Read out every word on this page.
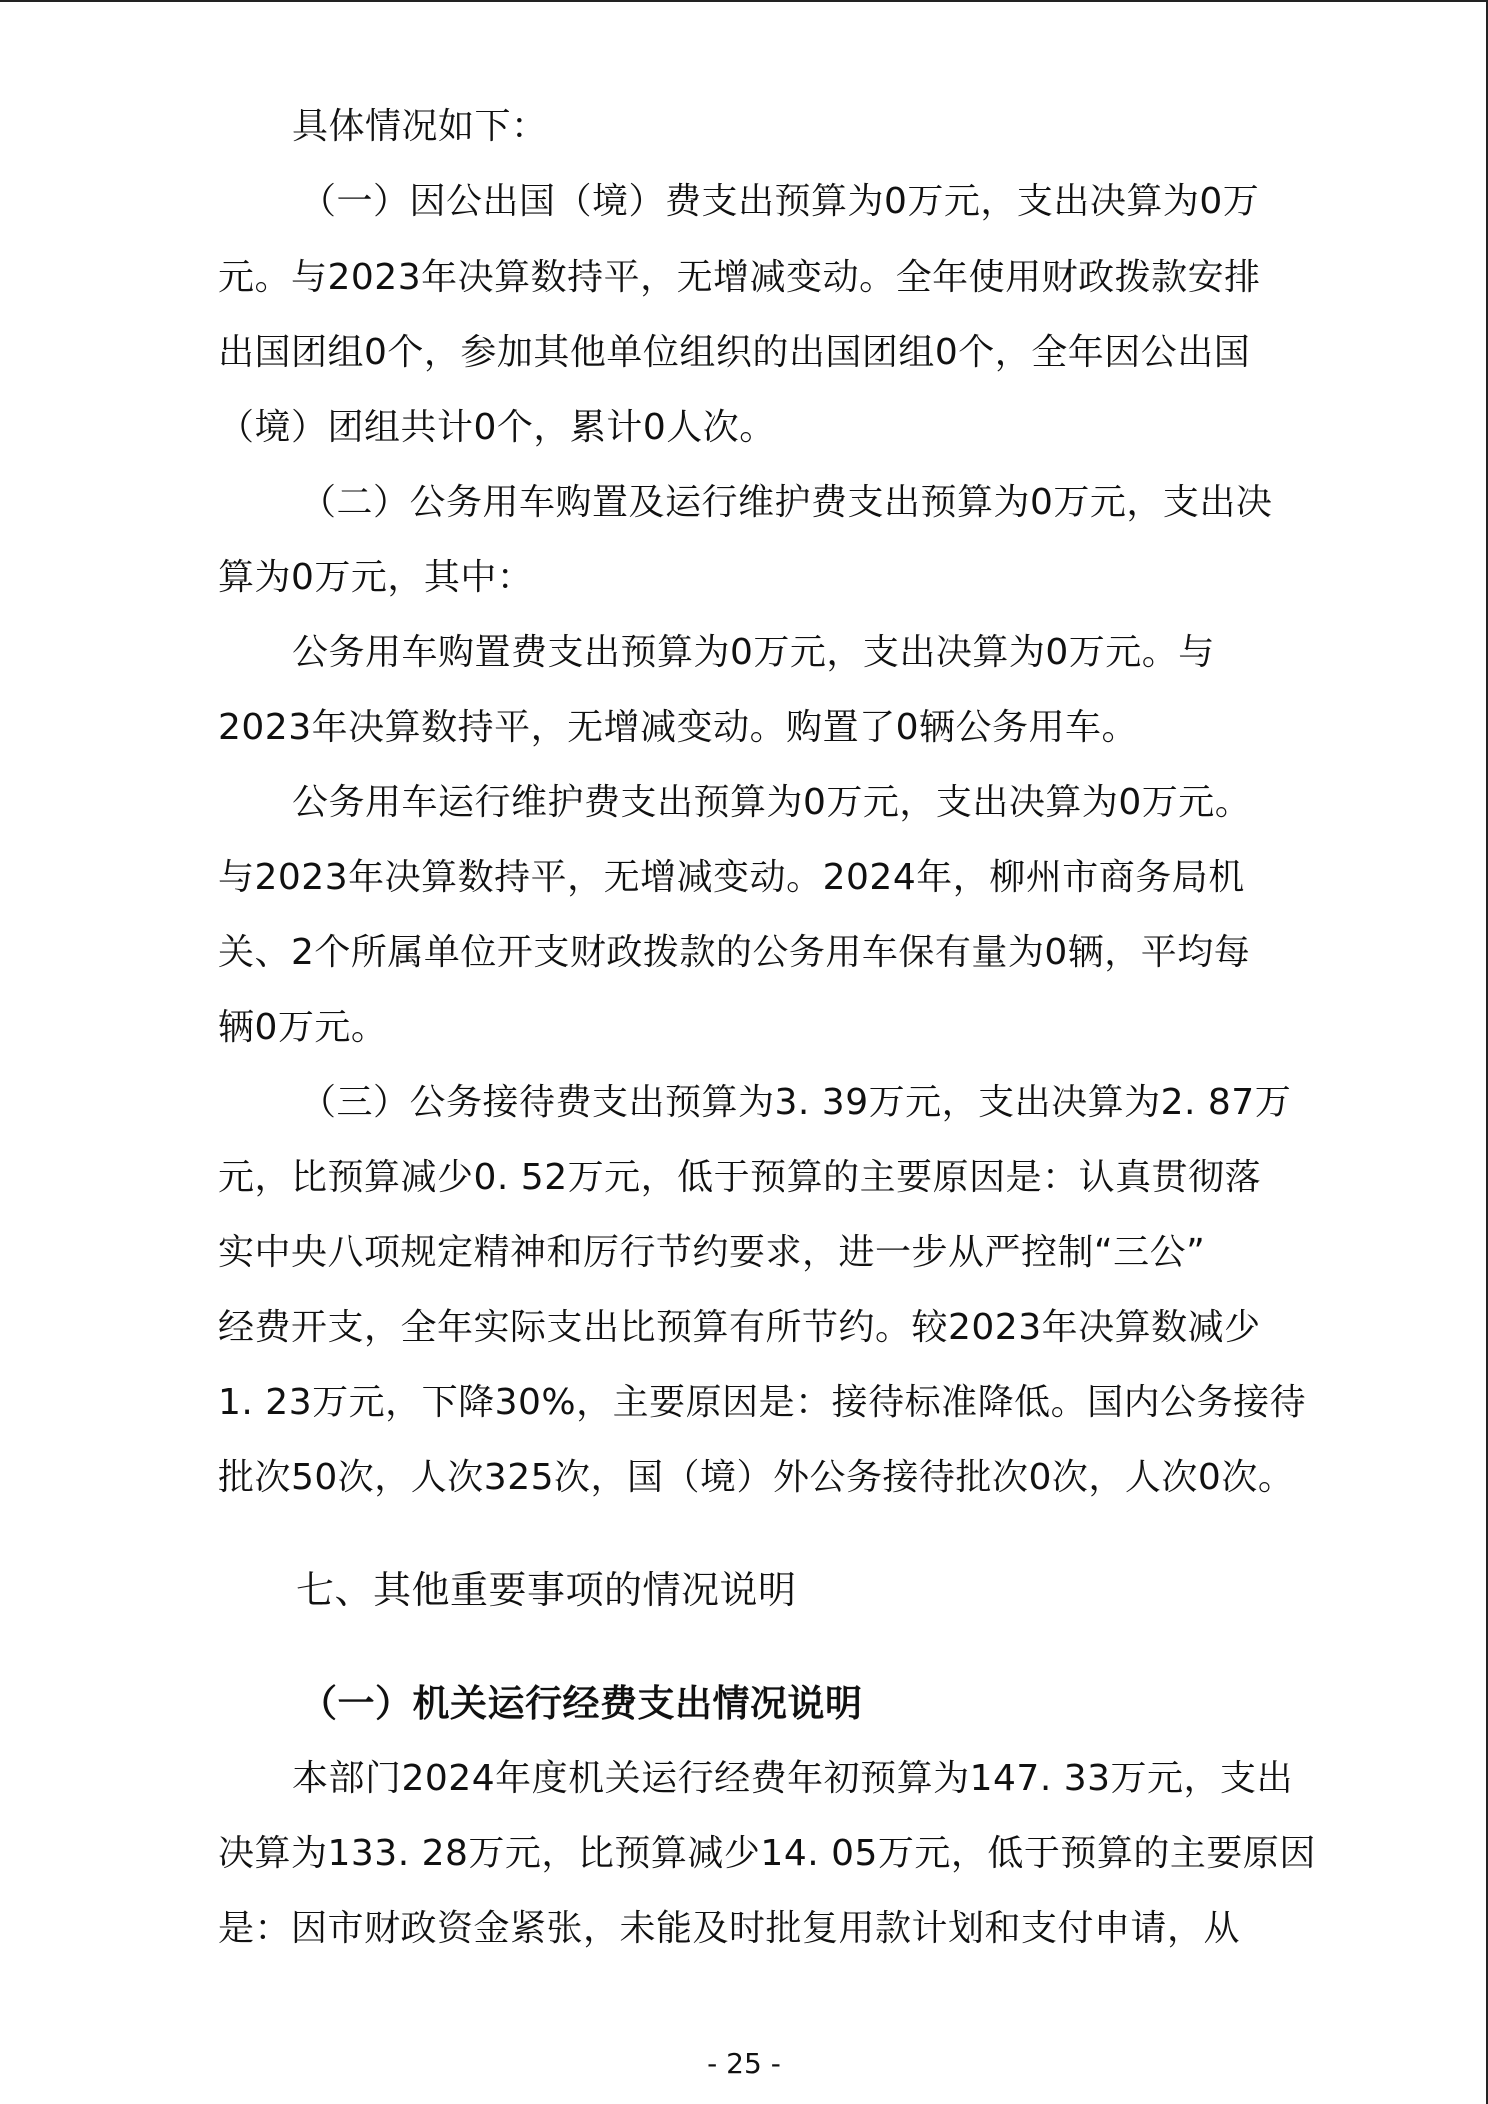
具体情况如下：
（一）因公出国（境）费支出预算为0万元，支出决算为0万
元。与2023年决算数持平，无增减变动。全年使用财政拨款安排
出国团组0个，参加其他单位组织的出国团组0个，全年因公出国
（境）团组共计0个，累计0人次。
（二）公务用车购置及运行维护费支出预算为0万元，支出决
算为0万元，其中：
公务用车购置费支出预算为0万元，支出决算为0万元。与
2023年决算数持平，无增减变动。购置了0辆公务用车。
公务用车运行维护费支出预算为0万元，支出决算为0万元。
与2023年决算数持平，无增减变动。2024年，柳州市商务局机
关、2个所属单位开支财政拨款的公务用车保有量为0辆，平均每
辆0万元。
（三）公务接待费支出预算为3. 39万元，支出决算为2. 87万
元，比预算减少0. 52万元，低于预算的主要原因是：认真贯彻落
实中央八项规定精神和厉行节约要求，进一步从严控制“三公”
经费开支，全年实际支出比预算有所节约。较2023年决算数减少
1. 23万元，下降30%，主要原因是：接待标准降低。国内公务接待
批次50次，人次325次，国（境）外公务接待批次0次，人次0次。
七、其他重要事项的情况说明
（一）机关运行经费支出情况说明
本部门2024年度机关运行经费年初预算为147. 33万元，支出
决算为133. 28万元，比预算减少14. 05万元，低于预算的主要原因
是：因市财政资金紧张，未能及时批复用款计划和支付申请，从
- 25 -
